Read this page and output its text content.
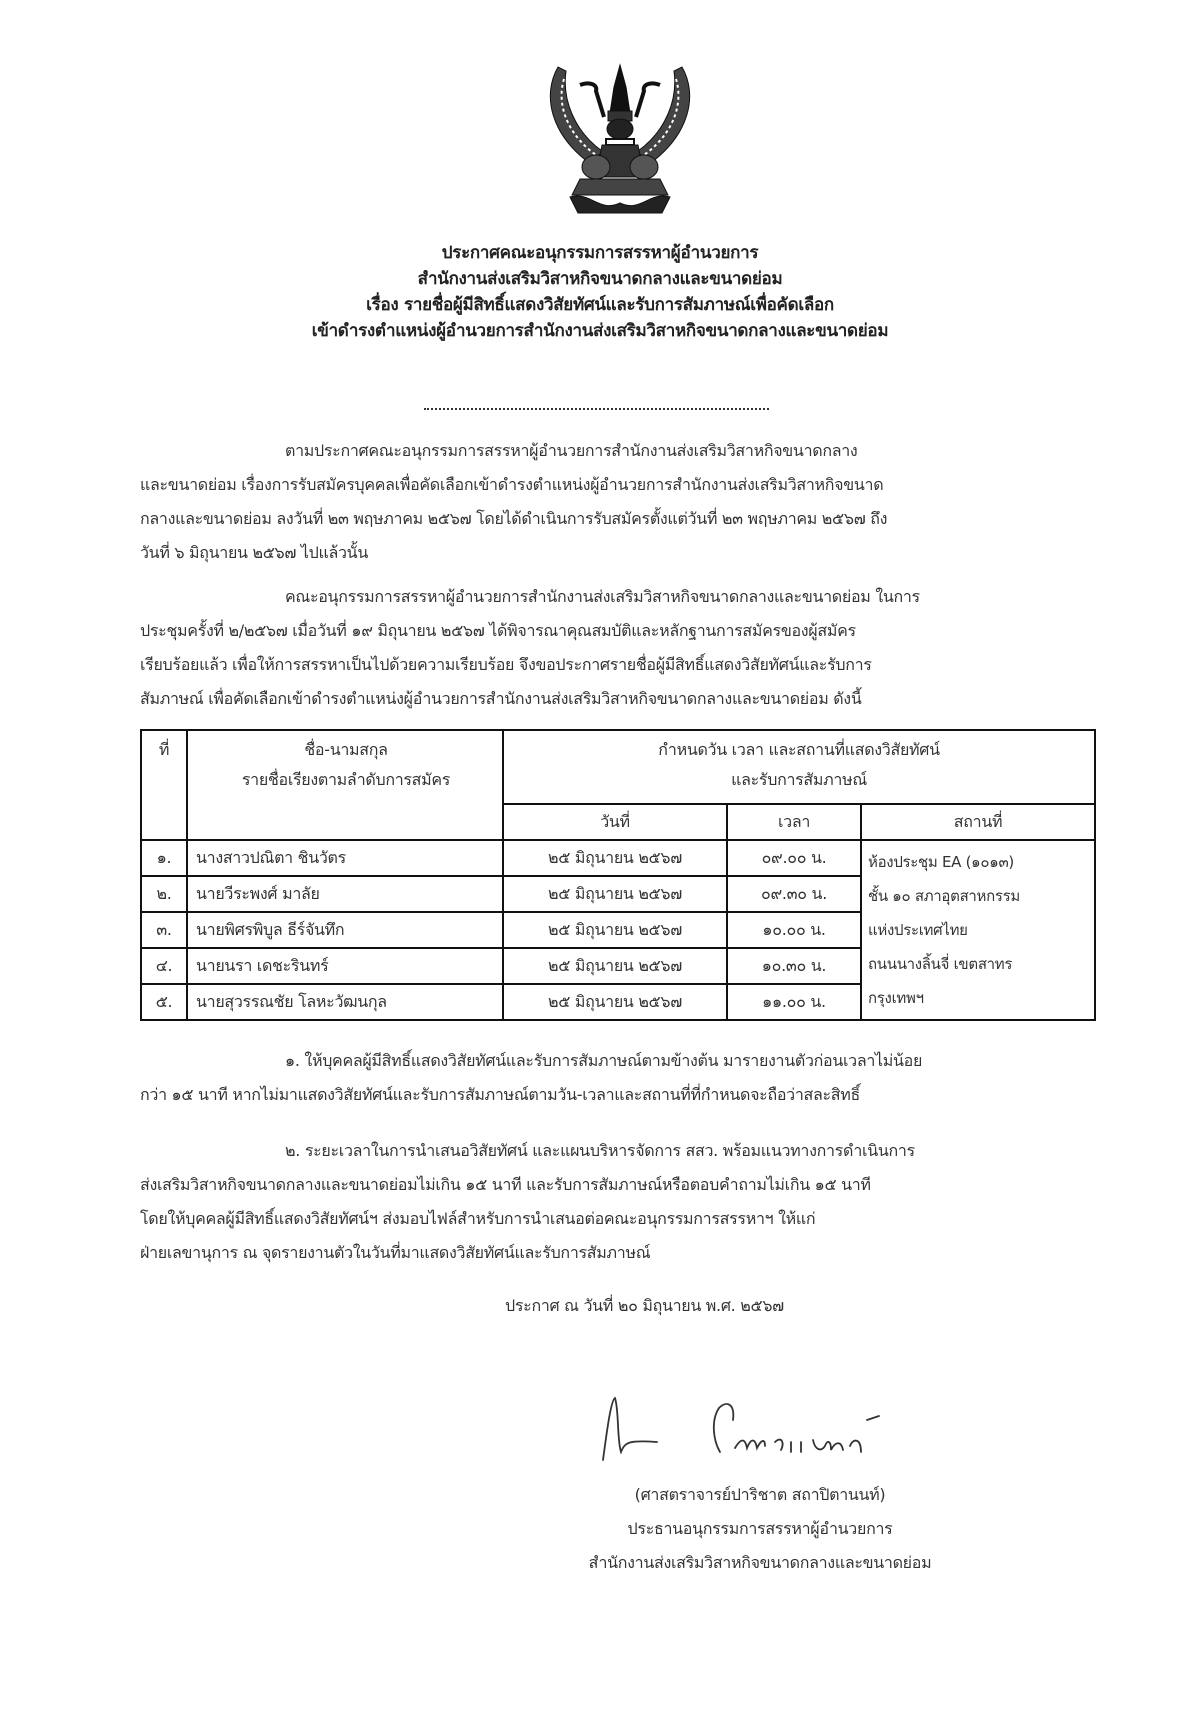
ประกาศคณะอนุกรรมการสรรหาผู้อำนวยการ
สำนักงานส่งเสริมวิสาหกิจขนาดกลางและขนาดย่อม
เรื่อง รายชื่อผู้มีสิทธิ์แสดงวิสัยทัศน์และรับการสัมภาษณ์เพื่อคัดเลือก
เข้าดำรงตำแหน่งผู้อำนวยการสำนักงานส่งเสริมวิสาหกิจขนาดกลางและขนาดย่อม
ตามประกาศคณะอนุกรรมการสรรหาผู้อำนวยการสำนักงานส่งเสริมวิสาหกิจขนาดกลาง
และขนาดย่อม เรื่องการรับสมัครบุคคลเพื่อคัดเลือกเข้าดำรงตำแหน่งผู้อำนวยการสำนักงานส่งเสริมวิสาหกิจขนาด
กลางและขนาดย่อม ลงวันที่ ๒๓ พฤษภาคม ๒๕๖๗ โดยได้ดำเนินการรับสมัครตั้งแต่วันที่ ๒๓ พฤษภาคม ๒๕๖๗ ถึง
วันที่ ๖ มิถุนายน ๒๕๖๗ ไปแล้วนั้น
คณะอนุกรรมการสรรหาผู้อำนวยการสำนักงานส่งเสริมวิสาหกิจขนาดกลางและขนาดย่อม ในการ
ประชุมครั้งที่ ๒/๒๕๖๗ เมื่อวันที่ ๑๙ มิถุนายน ๒๕๖๗ ได้พิจารณาคุณสมบัติและหลักฐานการสมัครของผู้สมัคร
เรียบร้อยแล้ว เพื่อให้การสรรหาเป็นไปด้วยความเรียบร้อย จึงขอประกาศรายชื่อผู้มีสิทธิ์แสดงวิสัยทัศน์และรับการ
สัมภาษณ์ เพื่อคัดเลือกเข้าดำรงตำแหน่งผู้อำนวยการสำนักงานส่งเสริมวิสาหกิจขนาดกลางและขนาดย่อม ดังนี้
ที่	ชื่อ-นามสกุล
รายชื่อเรียงตามลำดับการสมัคร

กำหนดวัน เวลา และสถานที่แสดงวิสัยทัศน์
และรับการสัมภาษณ์

		วันที่	เวลา	สถานที่
๑.	นางสาวปณิตา ชินวัตร	๒๕ มิถุนายน ๒๕๖๗	๐๙.๐๐ น.	ห้องประชุม EA (๑๐๑๓)
ชั้น ๑๐ สภาอุตสาหกรรม
แห่งประเทศไทย
ถนนนางลิ้นจี่ เขตสาทร
กรุงเทพฯ

๒.	นายวีระพงศ์ มาลัย	๒๕ มิถุนายน ๒๕๖๗	๐๙.๓๐ น.	
๓.	นายพิศรพิบูล ธีร์จันทึก	๒๕ มิถุนายน ๒๕๖๗	๑๐.๐๐ น.	
๔.	นายนรา เดชะรินทร์	๒๕ มิถุนายน ๒๕๖๗	๑๐.๓๐ น.	
๕.	นายสุวรรณชัย โลหะวัฒนกุล	๒๕ มิถุนายน ๒๕๖๗	๑๑.๐๐ น.	
๑. ให้บุคคลผู้มีสิทธิ์แสดงวิสัยทัศน์และรับการสัมภาษณ์ตามข้างต้น มารายงานตัวก่อนเวลาไม่น้อย
กว่า ๑๕ นาที หากไม่มาแสดงวิสัยทัศน์และรับการสัมภาษณ์ตามวัน-เวลาและสถานที่ที่กำหนดจะถือว่าสละสิทธิ์
๒. ระยะเวลาในการนำเสนอวิสัยทัศน์ และแผนบริหารจัดการ สสว. พร้อมแนวทางการดำเนินการ
ส่งเสริมวิสาหกิจขนาดกลางและขนาดย่อมไม่เกิน ๑๕ นาที และรับการสัมภาษณ์หรือตอบคำถามไม่เกิน ๑๕ นาที
โดยให้บุคคลผู้มีสิทธิ์แสดงวิสัยทัศน์ฯ ส่งมอบไฟล์สำหรับการนำเสนอต่อคณะอนุกรรมการสรรหาฯ ให้แก่
ฝ่ายเลขานุการ ณ จุดรายงานตัวในวันที่มาแสดงวิสัยทัศน์และรับการสัมภาษณ์
ประกาศ ณ วันที่ ๒๐ มิถุนายน พ.ศ. ๒๕๖๗
(ศาสตราจารย์ปาริชาต สถาปิตานนท์)
ประธานอนุกรรมการสรรหาผู้อำนวยการ
สำนักงานส่งเสริมวิสาหกิจขนาดกลางและขนาดย่อม
